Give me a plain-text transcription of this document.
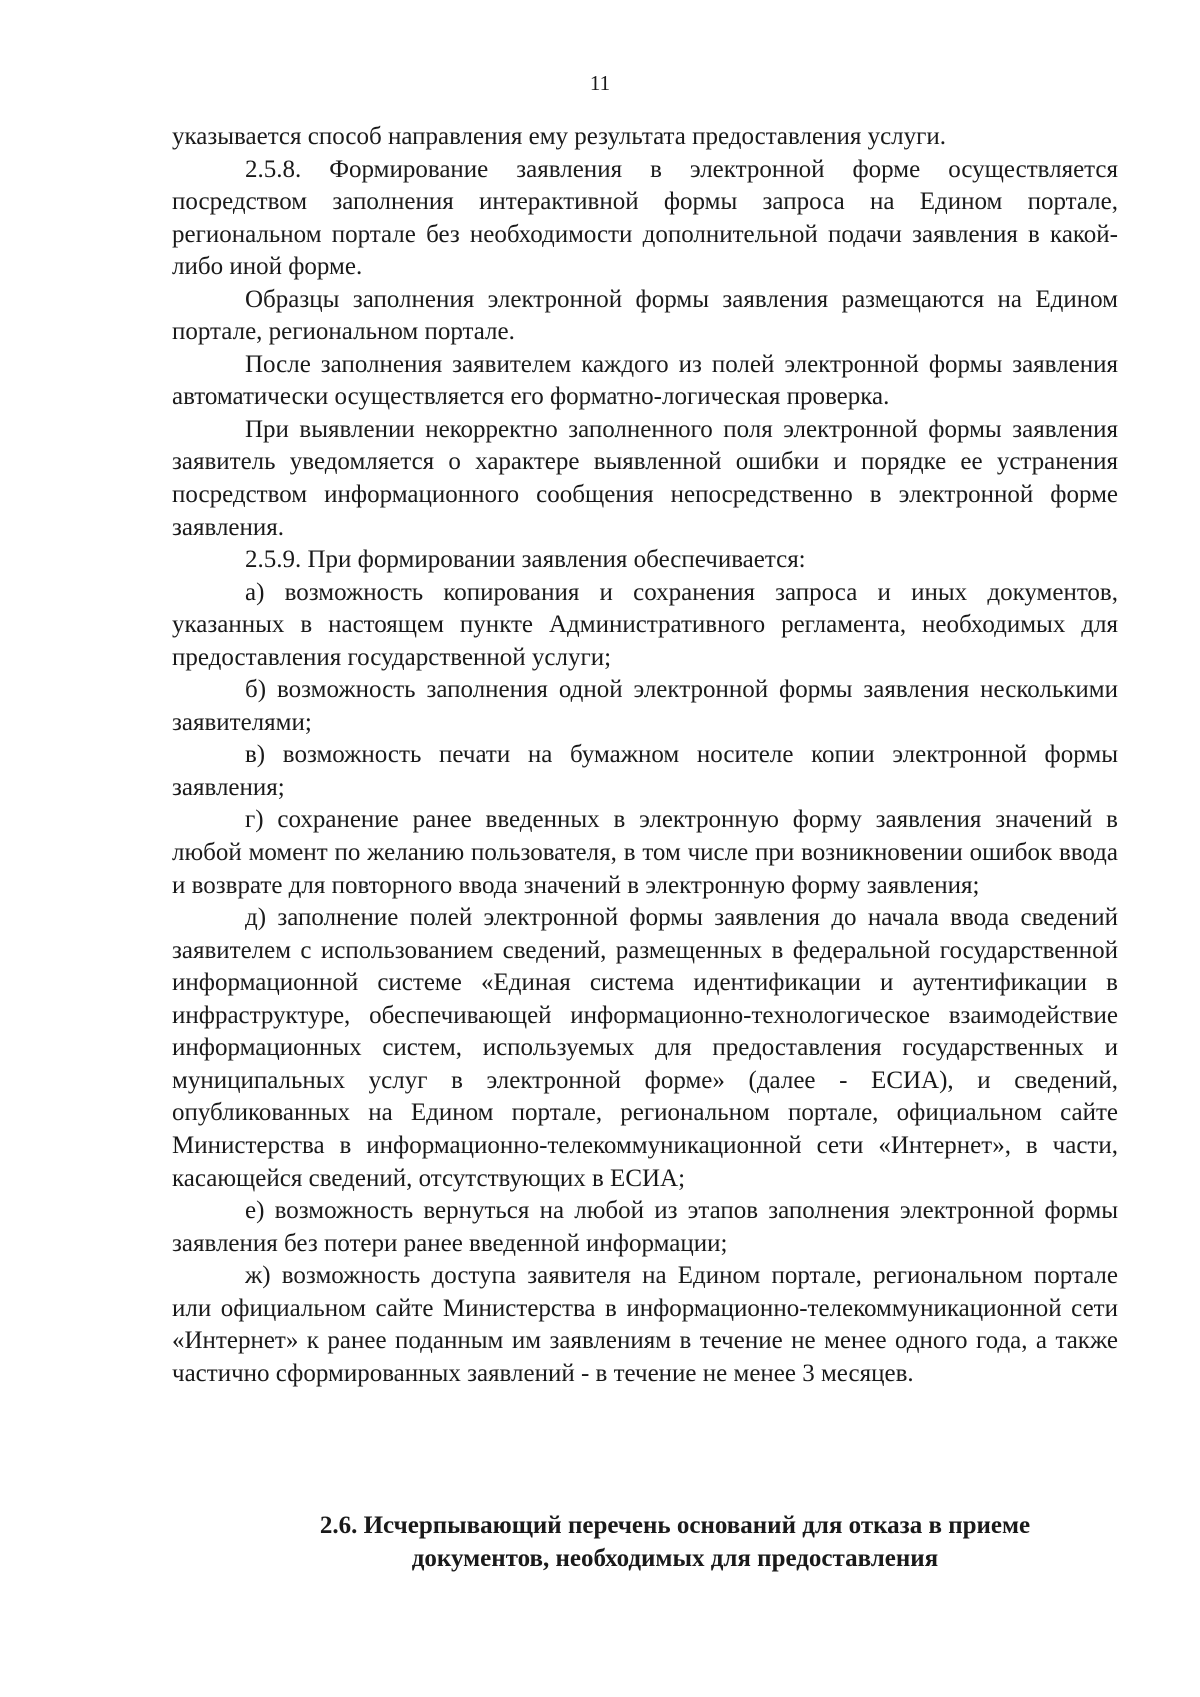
11

указывается способ направления ему результата предоставления услуги.

2.5.8. Формирование заявления в электронной форме осуществляется посредством заполнения интерактивной формы запроса на Едином портале, региональном портале без необходимости дополнительной подачи заявления в какой-либо иной форме.

Образцы заполнения электронной формы заявления размещаются на Едином портале, региональном портале.

После заполнения заявителем каждого из полей электронной формы заявления автоматически осуществляется его форматно-логическая проверка.

При выявлении некорректно заполненного поля электронной формы заявления заявитель уведомляется о характере выявленной ошибки и порядке ее устранения посредством информационного сообщения непосредственно в электронной форме заявления.

2.5.9. При формировании заявления обеспечивается:

а) возможность копирования и сохранения запроса и иных документов, указанных в настоящем пункте Административного регламента, необходимых для предоставления государственной услуги;

б) возможность заполнения одной электронной формы заявления несколькими заявителями;

в) возможность печати на бумажном носителе копии электронной формы заявления;

г) сохранение ранее введенных в электронную форму заявления значений в любой момент по желанию пользователя, в том числе при возникновении ошибок ввода и возврате для повторного ввода значений в электронную форму заявления;

д) заполнение полей электронной формы заявления до начала ввода сведений заявителем с использованием сведений, размещенных в федеральной государственной информационной системе «Единая система идентификации и аутентификации в инфраструктуре, обеспечивающей информационно-технологическое взаимодействие информационных систем, используемых для предоставления государственных и муниципальных услуг в электронной форме» (далее - ЕСИА), и сведений, опубликованных на Едином портале, региональном портале, официальном сайте Министерства в информационно-телекоммуникационной сети «Интернет», в части, касающейся сведений, отсутствующих в ЕСИА;

е) возможность вернуться на любой из этапов заполнения электронной формы заявления без потери ранее введенной информации;

ж) возможность доступа заявителя на Едином портале, региональном портале или официальном сайте Министерства в информационно-телекоммуникационной сети «Интернет» к ранее поданным им заявлениям в течение не менее одного года, а также частично сформированных заявлений - в течение не менее 3 месяцев.

2.6. Исчерпывающий перечень оснований для отказа в приеме
документов, необходимых для предоставления
